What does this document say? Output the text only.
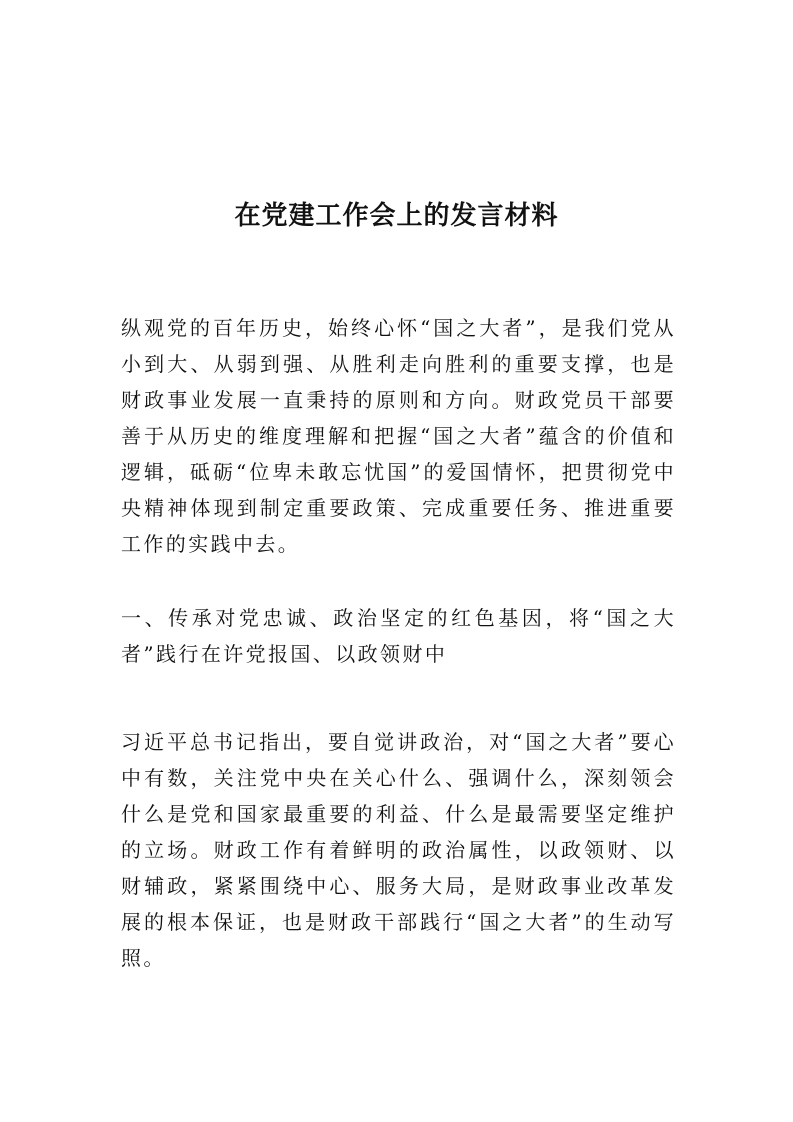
在党建工作会上的发言材料

纵观党的百年历史，始终心怀“国之大者”，是我们党从小到大、从弱到强、从胜利走向胜利的重要支撑，也是财政事业发展一直秉持的原则和方向。财政党员干部要善于从历史的维度理解和把握“国之大者”蕴含的价值和逻辑，砥砺“位卑未敢忘忧国”的爱国情怀，把贯彻党中央精神体现到制定重要政策、完成重要任务、推进重要工作的实践中去。

一、传承对党忠诚、政治坚定的红色基因，将“国之大者”践行在许党报国、以政领财中

习近平总书记指出，要自觉讲政治，对“国之大者”要心中有数，关注党中央在关心什么、强调什么，深刻领会什么是党和国家最重要的利益、什么是最需要坚定维护的立场。财政工作有着鲜明的政治属性，以政领财、以财辅政，紧紧围绕中心、服务大局，是财政事业改革发展的根本保证，也是财政干部践行“国之大者”的生动写照。
